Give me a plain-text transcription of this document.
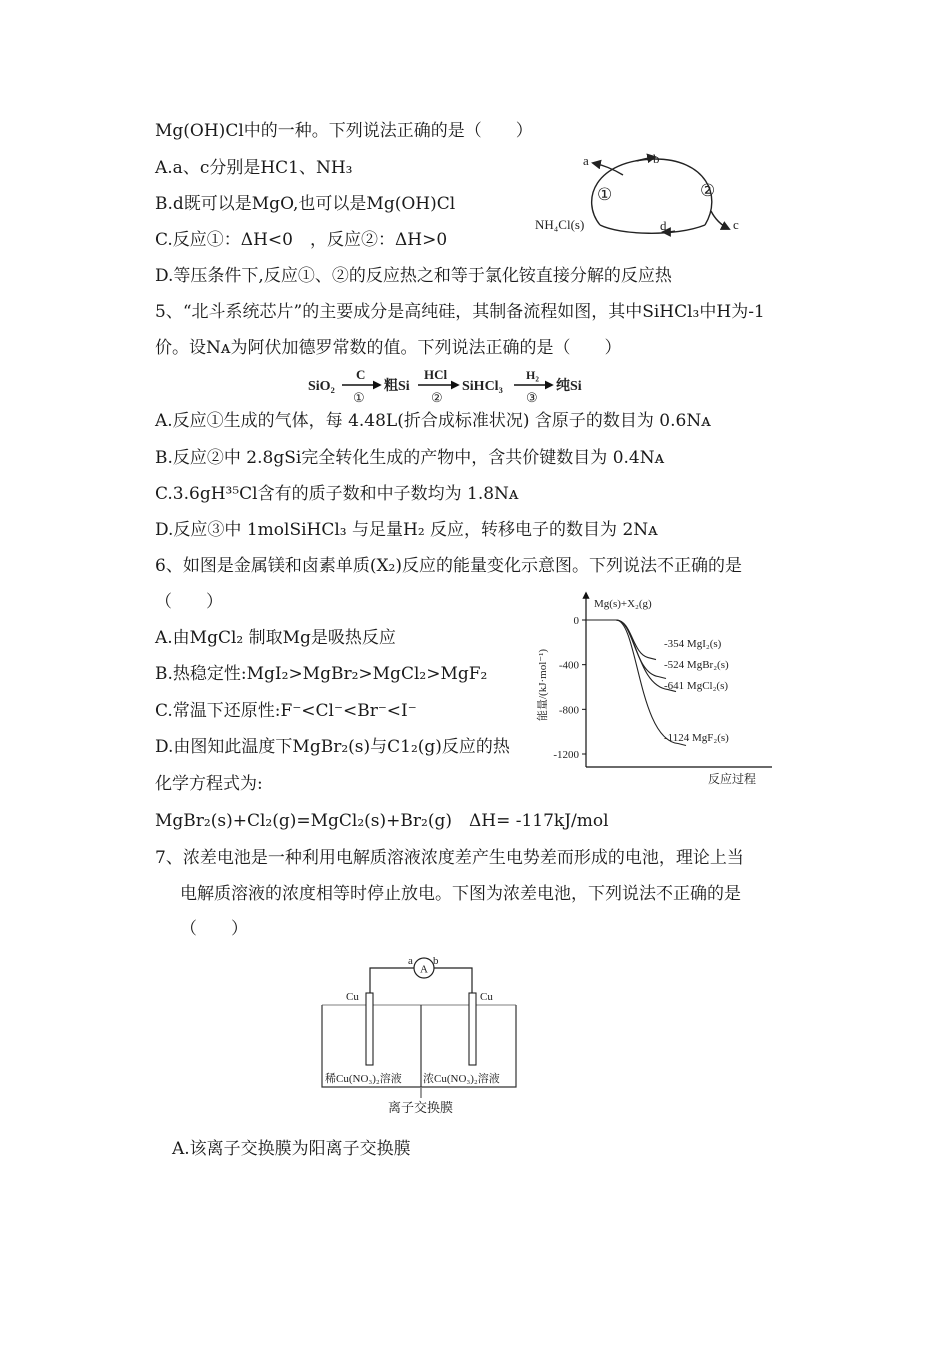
Mg(OH)Cl中的一种。下列说法正确的是（　　）
A.a、c分别是HC1、NH₃
B.d既可以是MgO,也可以是Mg(OH)Cl
C.反应①：ΔH<0 ，反应②：ΔH>0
D.等压条件下,反应①、②的反应热之和等于氯化铵直接分解的反应热
a	b
c
d
①	②
NH₄Cl(s)
5、“北斗系统芯片”的主要成分是高纯硅，其制备流程如图，其中SiHCl₃中H为-1
价。设Nᴀ为阿伏加德罗常数的值。下列说法正确的是（　　）
SiO₂
C
①
粗Si
HCl
②
SiHCl₃
H₂
③
纯Si
A.反应①生成的气体，每 4.48L(折合成标准状况) 含原子的数目为 0.6Nᴀ
B.反应②中 2.8gSi完全转化生成的产物中，含共价键数目为 0.4Nᴀ
C.3.6gH³⁵Cl含有的质子数和中子数均为 1.8Nᴀ
D.反应③中 1molSiHCl₃ 与足量H₂ 反应，转移电子的数目为 2Nᴀ
6、如图是金属镁和卤素单质(X₂)反应的能量变化示意图。下列说法不正确的是
（　　）
A.由MgCl₂ 制取Mg是吸热反应
B.热稳定性:MgI₂>MgBr₂>MgCl₂>MgF₂
C.常温下还原性:F⁻<Cl⁻<Br⁻<I⁻
D.由图知此温度下MgBr₂(s)与C1₂(g)反应的热
化学方程式为:
MgBr₂(s)+Cl₂(g)=MgCl₂(s)+Br₂(g)　ΔH= -117kJ/mol
Mg(s)+X₂(g)
反应过程
能量/(kJ·mol⁻¹)
0
-400
-800
-1200
-354 MgI₂(s)
-524 MgBr₂(s)
-641 MgCl₂(s)
-1124 MgF₂(s)
7、浓差电池是一种利用电解质溶液浓度差产生电势差而形成的电池，理论上当
电解质溶液的浓度相等时停止放电。下图为浓差电池，下列说法不正确的是
（　　）
A
a b
Cu	Cu
稀Cu(NO₃)₂溶液 浓Cu(NO₃)₂溶液
离子交换膜
A.该离子交换膜为阳离子交换膜
